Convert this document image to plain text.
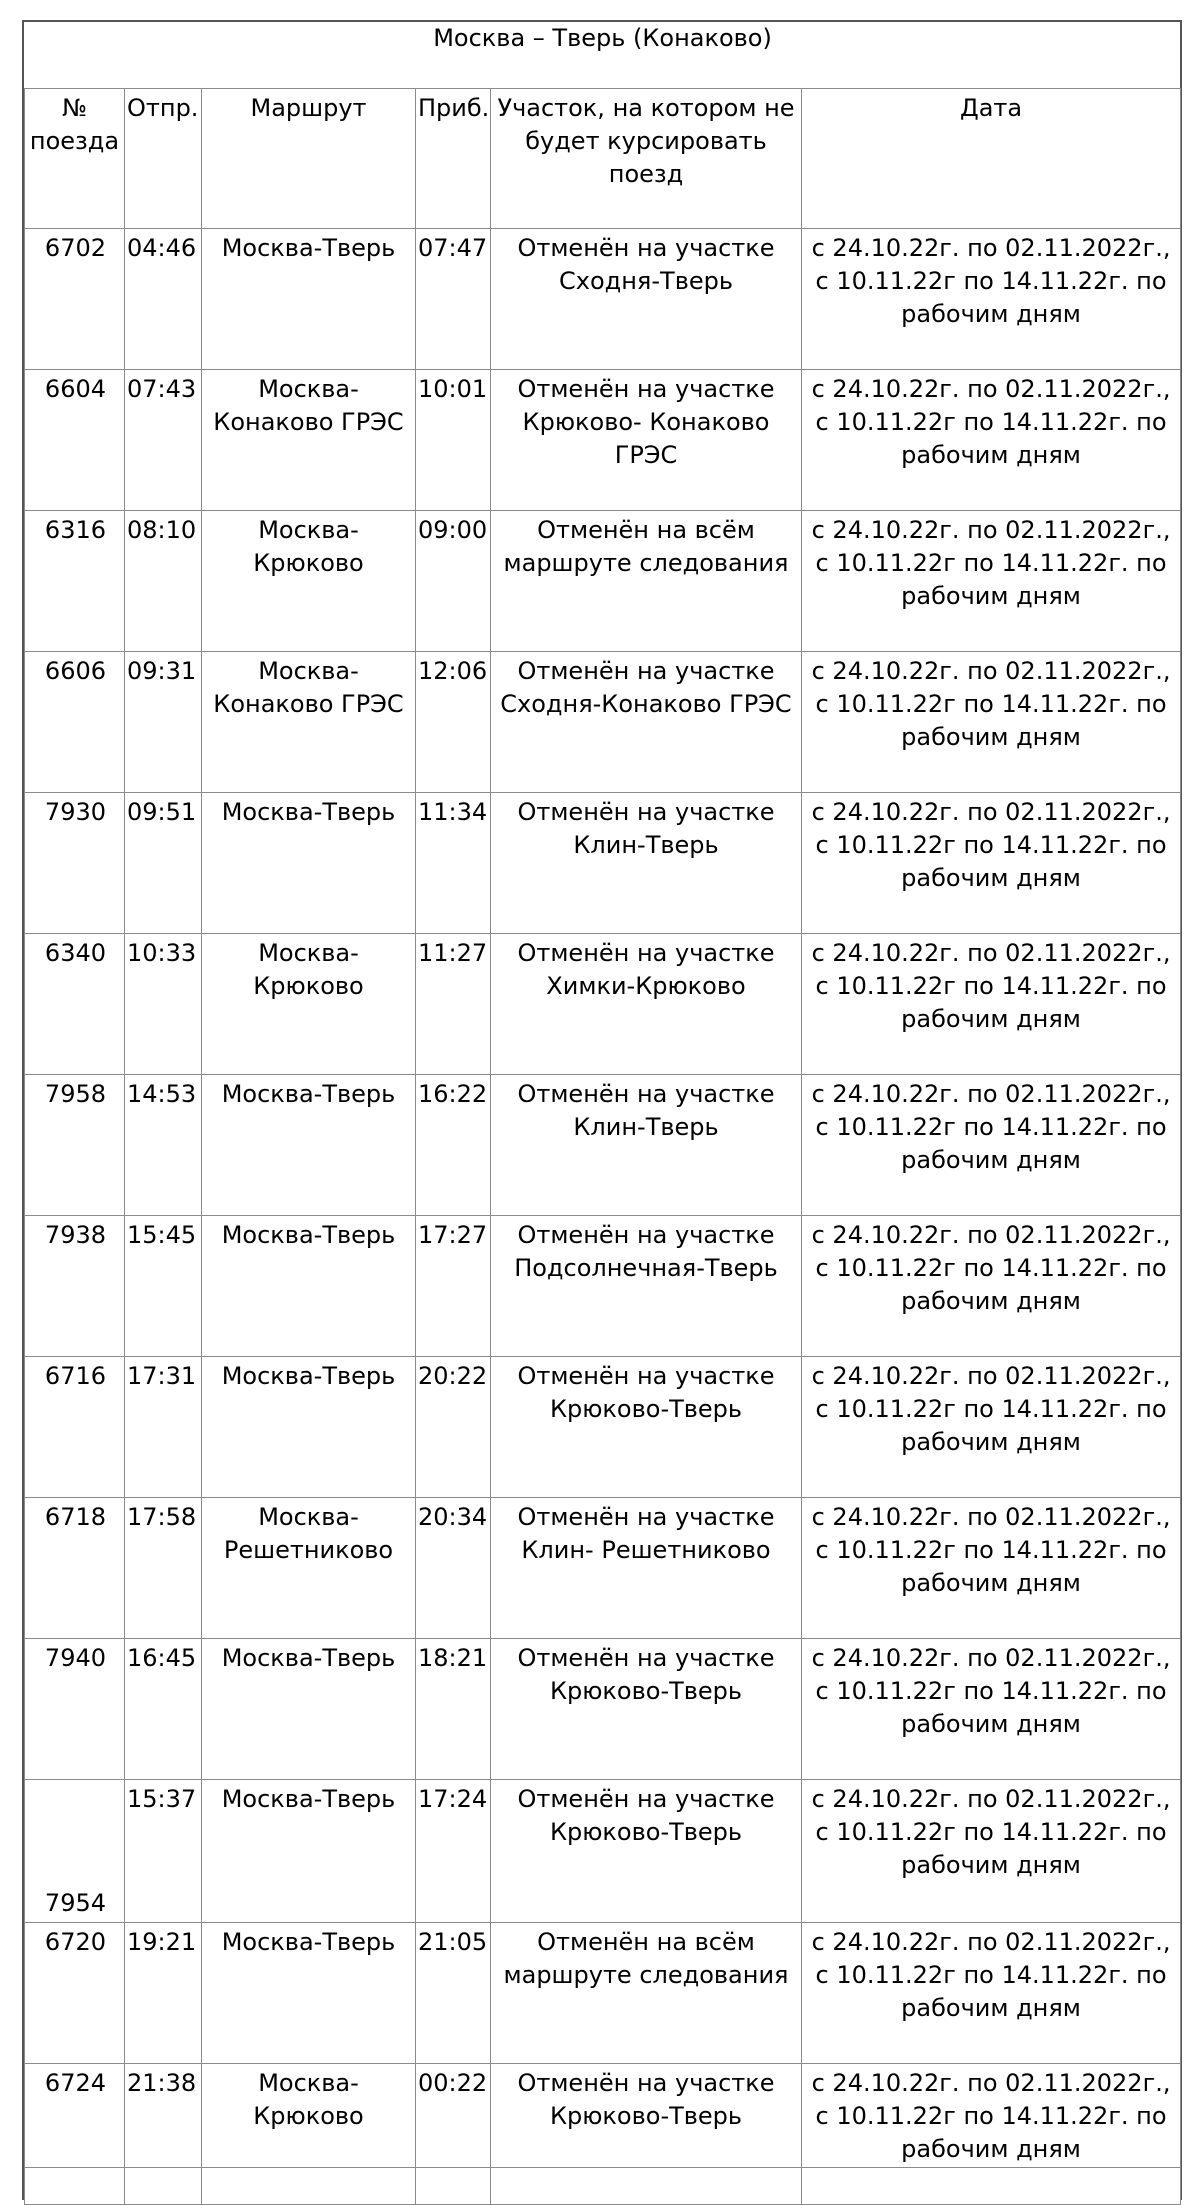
Москва – Тверь (Конаково)					
№ поезда	Отпр.	Маршрут	Приб.	Участок, на котором не будет курсировать поезд	Дата
6702	04:46	Москва-Тверь	07:47	Отменён на участке Сходня-Тверь	с 24.10.22г. по 02.11.2022г., с 10.11.22г по 14.11.22г. по рабочим дням
6604	07:43	Москва-Конаково ГРЭС	10:01	Отменён на участке Крюково- Конаково ГРЭС	с 24.10.22г. по 02.11.2022г., с 10.11.22г по 14.11.22г. по рабочим дням
6316	08:10	Москва-Крюково	09:00	Отменён на всём маршруте следования	с 24.10.22г. по 02.11.2022г., с 10.11.22г по 14.11.22г. по рабочим дням
6606	09:31	Москва-Конаково ГРЭС	12:06	Отменён на участке Сходня-Конаково ГРЭС	с 24.10.22г. по 02.11.2022г., с 10.11.22г по 14.11.22г. по рабочим дням
7930	09:51	Москва-Тверь	11:34	Отменён на участке Клин-Тверь	с 24.10.22г. по 02.11.2022г., с 10.11.22г по 14.11.22г. по рабочим дням
6340	10:33	Москва-Крюково	11:27	Отменён на участке Химки-Крюково	с 24.10.22г. по 02.11.2022г., с 10.11.22г по 14.11.22г. по рабочим дням
7958	14:53	Москва-Тверь	16:22	Отменён на участке Клин-Тверь	с 24.10.22г. по 02.11.2022г., с 10.11.22г по 14.11.22г. по рабочим дням
7938	15:45	Москва-Тверь	17:27	Отменён на участке Подсолнечная-Тверь	с 24.10.22г. по 02.11.2022г., с 10.11.22г по 14.11.22г. по рабочим дням
6716	17:31	Москва-Тверь	20:22	Отменён на участке Крюково-Тверь	с 24.10.22г. по 02.11.2022г., с 10.11.22г по 14.11.22г. по рабочим дням
6718	17:58	Москва-Решетниково	20:34	Отменён на участке Клин- Решетниково	с 24.10.22г. по 02.11.2022г., с 10.11.22г по 14.11.22г. по рабочим дням
7940	16:45	Москва-Тверь	18:21	Отменён на участке Крюково-Тверь	с 24.10.22г. по 02.11.2022г., с 10.11.22г по 14.11.22г. по рабочим дням
7954	15:37	Москва-Тверь	17:24	Отменён на участке Крюково-Тверь	с 24.10.22г. по 02.11.2022г., с 10.11.22г по 14.11.22г. по рабочим дням
6720	19:21	Москва-Тверь	21:05	Отменён на всём маршруте следования	с 24.10.22г. по 02.11.2022г., с 10.11.22г по 14.11.22г. по рабочим дням
6724	21:38	Москва-Крюково	00:22	Отменён на участке Крюково-Тверь	с 24.10.22г. по 02.11.2022г., с 10.11.22г по 14.11.22г. по рабочим дням
